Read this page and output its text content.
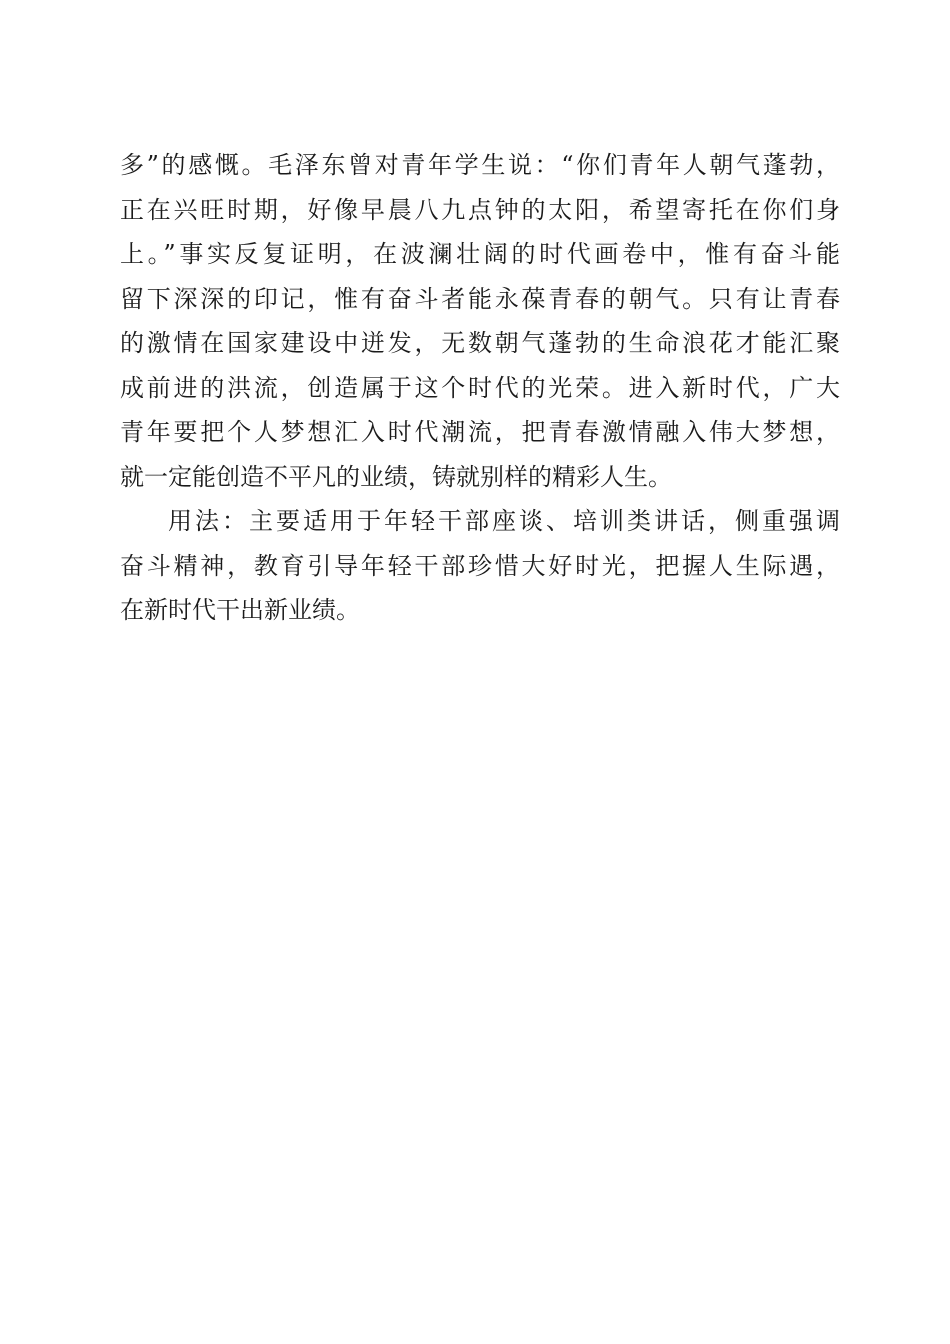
多”的感慨。毛泽东曾对青年学生说：“你们青年人朝气蓬勃，
正在兴旺时期，好像早晨八九点钟的太阳，希望寄托在你们身
上。”事实反复证明，在波澜壮阔的时代画卷中，惟有奋斗能
留下深深的印记，惟有奋斗者能永葆青春的朝气。只有让青春
的激情在国家建设中迸发，无数朝气蓬勃的生命浪花才能汇聚
成前进的洪流，创造属于这个时代的光荣。进入新时代，广大
青年要把个人梦想汇入时代潮流，把青春激情融入伟大梦想，
就一定能创造不平凡的业绩，铸就别样的精彩人生。
用法：主要适用于年轻干部座谈、培训类讲话，侧重强调
奋斗精神，教育引导年轻干部珍惜大好时光，把握人生际遇，
在新时代干出新业绩。
